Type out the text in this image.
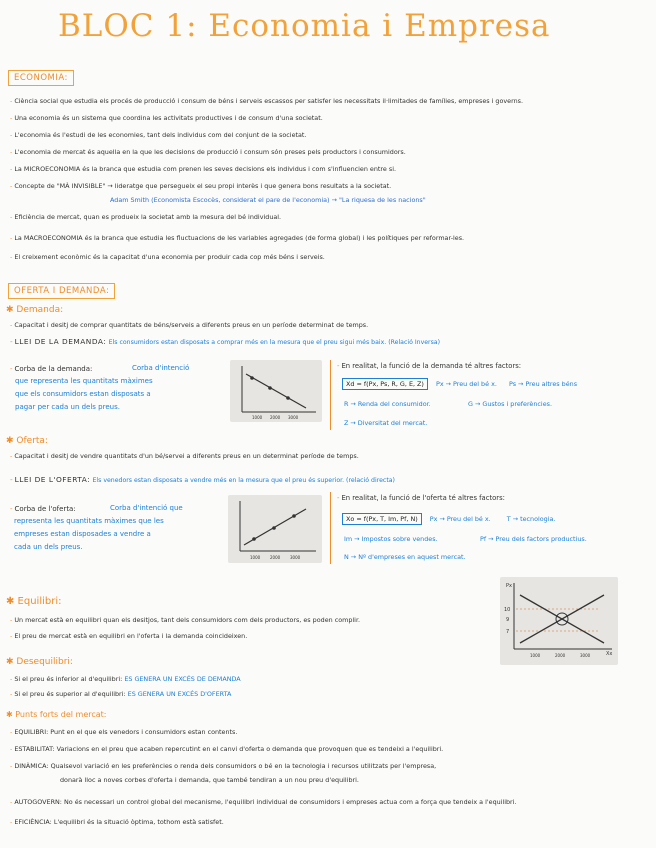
BLOC 1: Economia i Empresa
ECONOMIA:
- Ciència social que estudia els procés de producció i consum de béns i serveis escassos per satisfer les necessitats il·limitades de famílies, empreses i governs.
- Una economia és un sistema que coordina les activitats productives i de consum d'una societat.
- L'economia és l'estudi de les economies, tant dels individus com del conjunt de la societat.
- L'economia de mercat és aquella en la que les decisions de producció i consum són preses pels productors i consumidors.
- La MICROECONOMIA és la branca que estudia com prenen les seves decisions els individus i com s'influencien entre si.
- Concepte de "MÀ INVISIBLE" → lideratge que persegueix el seu propi interès i que genera bons resultats a la societat.
Adam Smith (Economista Escocès, considerat el pare de l'economia) → "La riquesa de les nacions"
- Eficiència de mercat, quan es produeix la societat amb la mesura del bé individual.
- La MACROECONOMIA és la branca que estudia les fluctuacions de les variables agregades (de forma global) i les polítiques per reformar-les.
- El creixement econòmic és la capacitat d'una economia per produir cada cop més béns i serveis.
OFERTA I DEMANDA:
✱ Demanda:
- Capacitat i desitj de comprar quantitats de béns/serveis a diferents preus en un període determinat de temps.
- LLEI DE LA DEMANDA: Els consumidors estan disposats a comprar més en la mesura que el preu sigui més baix. (Relació Inversa)
- Corba de la demanda:	Corba d'intenció
que representa les quantitats màximes
que els consumidors estan disposats a
pagar per cada un dels preus.
1000 2000 3000
- En realitat, la funció de la demanda té altres factors:
Xd = f(Px, Ps, R, G, E, Z) Px → Preu del bé x. Ps → Preu altres béns
R → Renda del consumidor.	G → Gustos i preferències.
Z → Diversitat del mercat.
✱ Oferta:
- Capacitat i desitj de vendre quantitats d'un bé/servei a diferents preus en un determinat període de temps.
- LLEI DE L'OFERTA: Els venedors estan disposats a vendre més en la mesura que el preu és superior. (relació directa)
- Corba de l'oferta:	Corba d'intenció que
representa les quantitats màximes que les
empreses estan disposades a vendre a
cada un dels preus.
1000 2000 3000
- En realitat, la funció de l'oferta té altres factors:
Xo = f(Px, T, Im, Pf, N) Px → Preu del bé x.	T → tecnologia.
Im → Impostos sobre vendes.	Pf → Preu dels factors productius.
N → Nº d'empreses en aquest mercat.
✱ Equilibri:
- Un mercat està en equilibri quan els desitjos, tant dels consumidors com dels productors, es poden complir.
- El preu de mercat està en equilibri en l'oferta i la demanda coincideixen.
Px
10
9
7
1000	2000	3000	Xx
✱ Desequilibri:
- Si el preu és inferior al d'equilibri: ES GENERA UN EXCÉS DE DEMANDA
- Si el preu és superior al d'equilibri: ES GENERA UN EXCÉS D'OFERTA
✱ Punts forts del mercat:
- EQUILIBRI: Punt en el que els venedors i consumidors estan contents.
- ESTABILITAT: Variacions en el preu que acaben repercutint en el canvi d'oferta o demanda que provoquen que es tendeixi a l'equilibri.
- DINÀMICA: Qualsevol variació en les preferències o renda dels consumidors o bé en la tecnologia i recursos utilitzats per l'empresa,
donarà lloc a noves corbes d'oferta i demanda, que també tendiran a un nou preu d'equilibri.
- AUTOGOVERN: No és necessari un control global del mecanisme, l'equilibri individual de consumidors i empreses actua com a força que tendeix a l'equilibri.
- EFICIÈNCIA: L'equilibri és la situació òptima, tothom està satisfet.
